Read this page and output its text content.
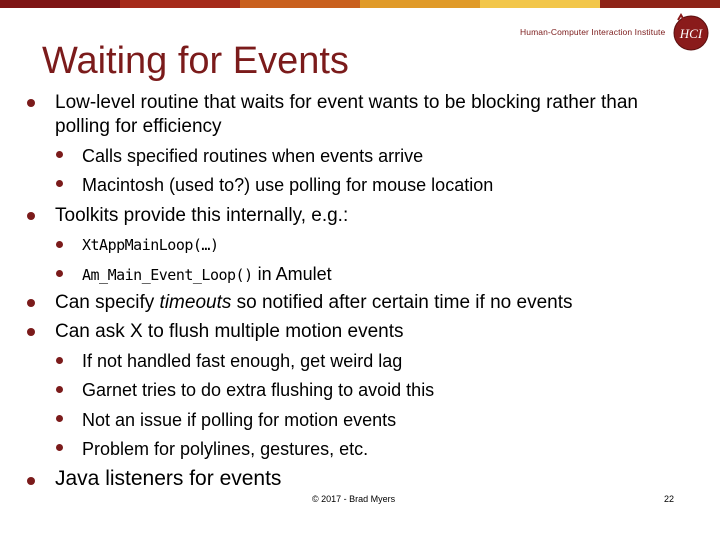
Waiting for Events
Human-Computer Interaction Institute HCI
Low-level routine that waits for event wants to be blocking rather than
polling for efficiency
Calls specified routines when events arrive
Macintosh (used to?) use polling for mouse location
Toolkits provide this internally, e.g.:
XtAppMainLoop(…)
Am_Main_Event_Loop() in Amulet
Can specify timeouts so notified after certain time if no events
Can ask X to flush multiple motion events
If not handled fast enough, get weird lag
Garnet tries to do extra flushing to avoid this
Not an issue if polling for motion events
Problem for polylines, gestures, etc.
Java listeners for events
© 2017 - Brad Myers	22
